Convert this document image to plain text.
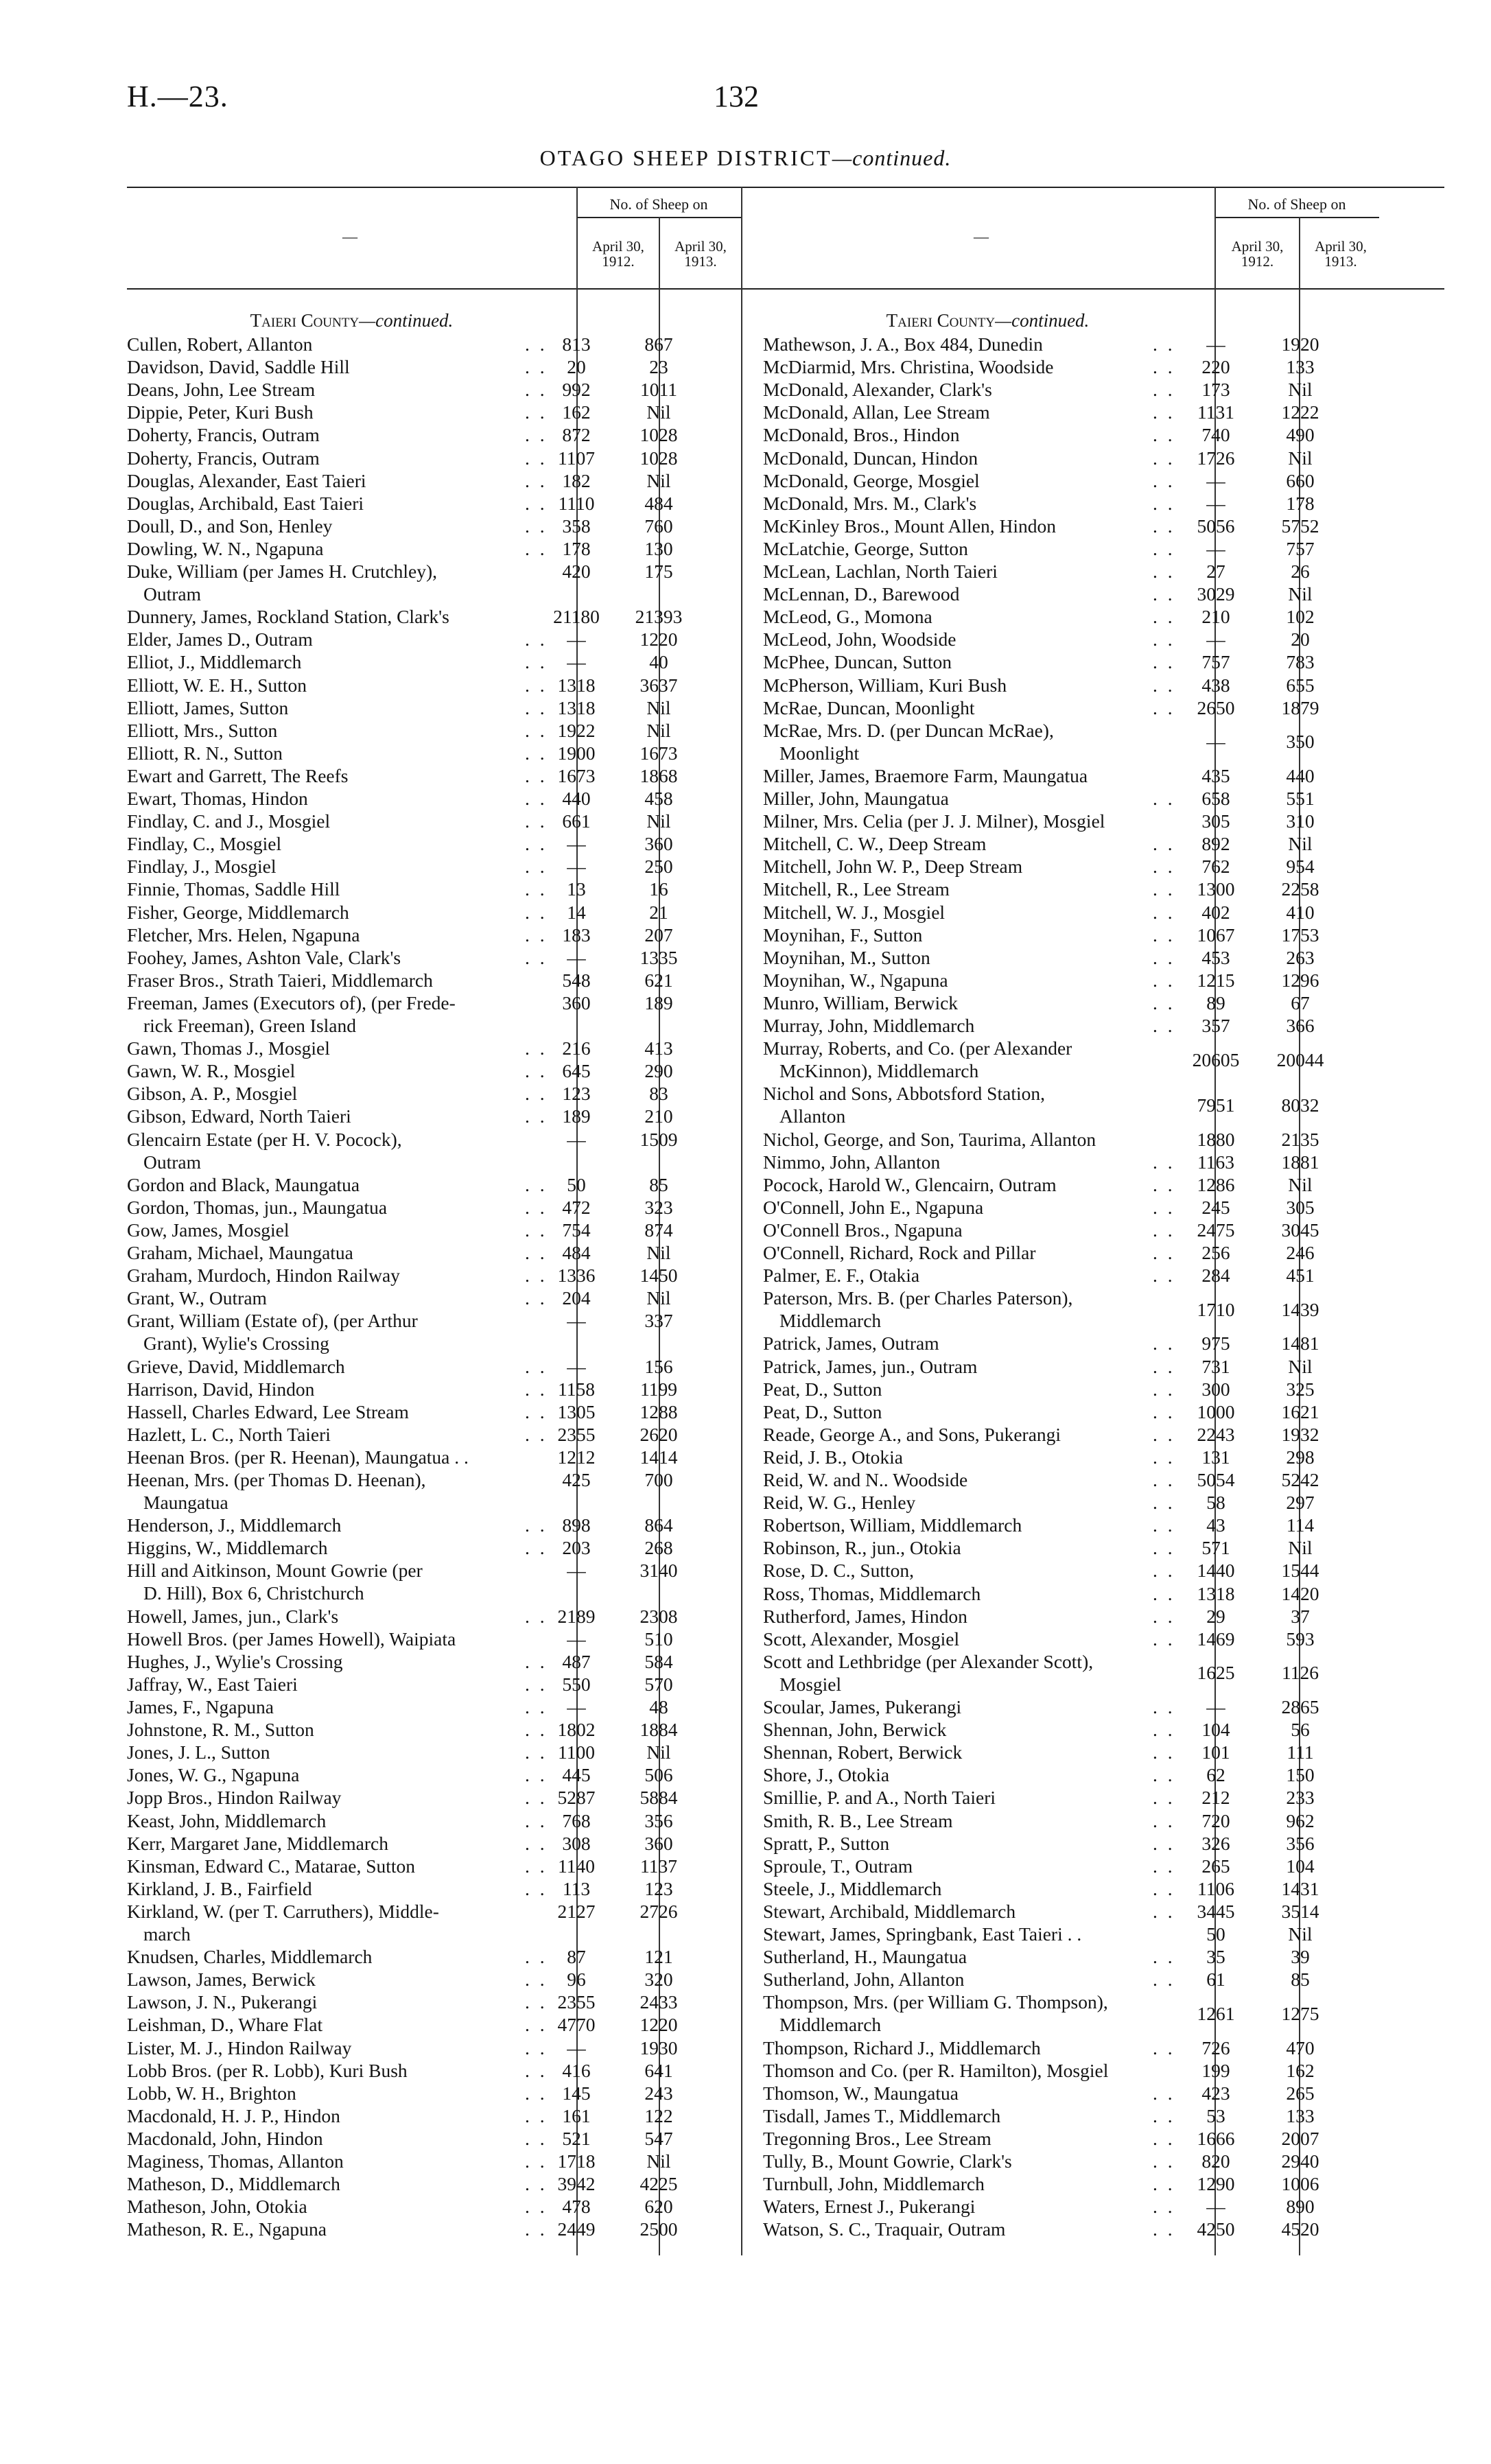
H.—23.	132
OTAGO SHEEP DISTRICT—continued.
—
No. of Sheep on
April 30,
1912.
April 30,
1913.
—
No. of Sheep on
April 30,
1912.
April 30,
1913.
Taieri County—continued.	Taieri County—continued.
Cullen, Robert, Allanton	. . 813	867
Davidson, David, Saddle Hill	. .	20	23
Deans, John, Lee Stream	. . 992	1011
Dippie, Peter, Kuri Bush	. . 162	Nil
Doherty, Francis, Outram	. . 872	1028
Doherty, Francis, Outram	. . 1107	1028
Douglas, Alexander, East Taieri	. . 182	Nil
Douglas, Archibald, East Taieri	. . 1110	484
Doull, D., and Son, Henley	. . 358	760
Dowling, W. N., Ngapuna	. . 178	130
Duke, William (per James H. Crutchley),
Outram
420	175
Dunnery, James, Rockland Station, Clark's	21180	21393
Elder, James D., Outram	. .	—	1220
Elliot, J., Middlemarch	. .	—	40
Elliott, W. E. H., Sutton	. . 1318	3637
Elliott, James, Sutton	. . 1318	Nil
Elliott, Mrs., Sutton	. . 1922	Nil
Elliott, R. N., Sutton	. . 1900	1673
Ewart and Garrett, The Reefs	. . 1673	1868
Ewart, Thomas, Hindon	. . 440	458
Findlay, C. and J., Mosgiel	. . 661	Nil
Findlay, C., Mosgiel	. .	—	360
Findlay, J., Mosgiel	. .	—	250
Finnie, Thomas, Saddle Hill	. .	13	16
Fisher, George, Middlemarch	. .	14	21
Fletcher, Mrs. Helen, Ngapuna	. . 183	207
Foohey, James, Ashton Vale, Clark's	. .	—	1335
Fraser Bros., Strath Taieri, Middlemarch	548	621
Freeman, James (Executors of), (per Frede-
rick Freeman), Green Island
360	189
Gawn, Thomas J., Mosgiel	. . 216	413
Gawn, W. R., Mosgiel	. . 645	290
Gibson, A. P., Mosgiel	. . 123	83
Gibson, Edward, North Taieri	. . 189	210
Glencairn Estate (per H. V. Pocock),
Outram
—	1509
Gordon and Black, Maungatua	. .	50	85
Gordon, Thomas, jun., Maungatua	. . 472	323
Gow, James, Mosgiel	. . 754	874
Graham, Michael, Maungatua	. . 484	Nil
Graham, Murdoch, Hindon Railway	. . 1336	1450
Grant, W., Outram	. . 204	Nil
Grant, William (Estate of), (per Arthur
Grant), Wylie's Crossing
—	337
Grieve, David, Middlemarch	. .	—	156
Harrison, David, Hindon	. . 1158	1199
Hassell, Charles Edward, Lee Stream	. . 1305	1288
Hazlett, L. C., North Taieri	. . 2355	2620
Heenan Bros. (per R. Heenan), Maungatua . .	1212	1414
Heenan, Mrs. (per Thomas D. Heenan),
Maungatua
425	700
Henderson, J., Middlemarch	. . 898	864
Higgins, W., Middlemarch	. . 203	268
Hill and Aitkinson, Mount Gowrie (per
D. Hill), Box 6, Christchurch
—	3140
Howell, James, jun., Clark's	. . 2189	2308
Howell Bros. (per James Howell), Waipiata	—	510
Hughes, J., Wylie's Crossing	. . 487	584
Jaffray, W., East Taieri	. . 550	570
James, F., Ngapuna	. .	—	48
Johnstone, R. M., Sutton	. . 1802	1884
Jones, J. L., Sutton	. . 1100	Nil
Jones, W. G., Ngapuna	. . 445	506
Jopp Bros., Hindon Railway	. . 5287	5884
Keast, John, Middlemarch	. . 768	356
Kerr, Margaret Jane, Middlemarch	. . 308	360
Kinsman, Edward C., Matarae, Sutton	. . 1140	1137
Kirkland, J. B., Fairfield	. . 113	123
Kirkland, W. (per T. Carruthers), Middle-
march
2127	2726
Knudsen, Charles, Middlemarch	. .	87	121
Lawson, James, Berwick	. .	96	320
Lawson, J. N., Pukerangi	. . 2355	2433
Leishman, D., Whare Flat	. . 4770	1220
Lister, M. J., Hindon Railway	. .	—	1930
Lobb Bros. (per R. Lobb), Kuri Bush	. . 416	641
Lobb, W. H., Brighton	. . 145	243
Macdonald, H. J. P., Hindon	. . 161	122
Macdonald, John, Hindon	. . 521	547
Maginess, Thomas, Allanton	. . 1718	Nil
Matheson, D., Middlemarch	. . 3942	4225
Matheson, John, Otokia	. . 478	620
Matheson, R. E., Ngapuna	. . 2449	2500
Mathewson, J. A., Box 484, Dunedin	. .	—	1920
McDiarmid, Mrs. Christina, Woodside	. .	220	133
McDonald, Alexander, Clark's	. .	173	Nil
McDonald, Allan, Lee Stream	. .	1131	1222
McDonald, Bros., Hindon	. .	740	490
McDonald, Duncan, Hindon	. .	1726	Nil
McDonald, George, Mosgiel	. .	—	660
McDonald, Mrs. M., Clark's	. .	—	178
McKinley Bros., Mount Allen, Hindon	. .	5056	5752
McLatchie, George, Sutton	. .	—	757
McLean, Lachlan, North Taieri	. .	27	26
McLennan, D., Barewood	. .	3029	Nil
McLeod, G., Momona	. .	210	102
McLeod, John, Woodside	. .	—	20
McPhee, Duncan, Sutton	. .	757	783
McPherson, William, Kuri Bush	. .	438	655
McRae, Duncan, Moonlight	. .	2650	1879
McRae, Mrs. D. (per Duncan McRae),
Moonlight
—	350
Miller, James, Braemore Farm, Maungatua	435	440
Miller, John, Maungatua	. .	658	551
Milner, Mrs. Celia (per J. J. Milner), Mosgiel	305	310
Mitchell, C. W., Deep Stream	. .	892	Nil
Mitchell, John W. P., Deep Stream	. .	762	954
Mitchell, R., Lee Stream	. .	1300	2258
Mitchell, W. J., Mosgiel	. .	402	410
Moynihan, F., Sutton	. .	1067	1753
Moynihan, M., Sutton	. .	453	263
Moynihan, W., Ngapuna	. .	1215	1296
Munro, William, Berwick	. .	89	67
Murray, John, Middlemarch	. .	357	366
Murray, Roberts, and Co. (per Alexander
McKinnon), Middlemarch
20605	20044
Nichol and Sons, Abbotsford Station,
Allanton
7951	8032
Nichol, George, and Son, Taurima, Allanton	1880	2135
Nimmo, John, Allanton	. .	1163	1881
Pocock, Harold W., Glencairn, Outram	. .	1286	Nil
O'Connell, John E., Ngapuna	. .	245	305
O'Connell Bros., Ngapuna	. .	2475	3045
O'Connell, Richard, Rock and Pillar	. .	256	246
Palmer, E. F., Otakia	. .	284	451
Paterson, Mrs. B. (per Charles Paterson),
Middlemarch
1710	1439
Patrick, James, Outram	. .	975	1481
Patrick, James, jun., Outram	. .	731	Nil
Peat, D., Sutton	. .	300	325
Peat, D., Sutton	. .	1000	1621
Reade, George A., and Sons, Pukerangi	. .	2243	1932
Reid, J. B., Otokia	. .	131	298
Reid, W. and N.. Woodside	. .	5054	5242
Reid, W. G., Henley	. .	58	297
Robertson, William, Middlemarch	. .	43	114
Robinson, R., jun., Otokia	. .	571	Nil
Rose, D. C., Sutton,	. .	1440	1544
Ross, Thomas, Middlemarch	. .	1318	1420
Rutherford, James, Hindon	. .	29	37
Scott, Alexander, Mosgiel	. .	1469	593
Scott and Lethbridge (per Alexander Scott),
Mosgiel
1625	1126
Scoular, James, Pukerangi	. .	—	2865
Shennan, John, Berwick	. .	104	56
Shennan, Robert, Berwick	. .	101	111
Shore, J., Otokia	. .	62	150
Smillie, P. and A., North Taieri	. .	212	233
Smith, R. B., Lee Stream	. .	720	962
Spratt, P., Sutton	. .	326	356
Sproule, T., Outram	. .	265	104
Steele, J., Middlemarch	. .	1106	1431
Stewart, Archibald, Middlemarch	. .	3445	3514
Stewart, James, Springbank, East Taieri . .	50	Nil
Sutherland, H., Maungatua	. .	35	39
Sutherland, John, Allanton	. .	61	85
Thompson, Mrs. (per William G. Thompson),
Middlemarch
1261	1275
Thompson, Richard J., Middlemarch	. .	726	470
Thomson and Co. (per R. Hamilton), Mosgiel	199	162
Thomson, W., Maungatua	. .	423	265
Tisdall, James T., Middlemarch	. .	53	133
Tregonning Bros., Lee Stream	. .	1666	2007
Tully, B., Mount Gowrie, Clark's	. .	820	2940
Turnbull, John, Middlemarch	. .	1290	1006
Waters, Ernest J., Pukerangi	. .	—	890
Watson, S. C., Traquair, Outram	. .	4250	4520
